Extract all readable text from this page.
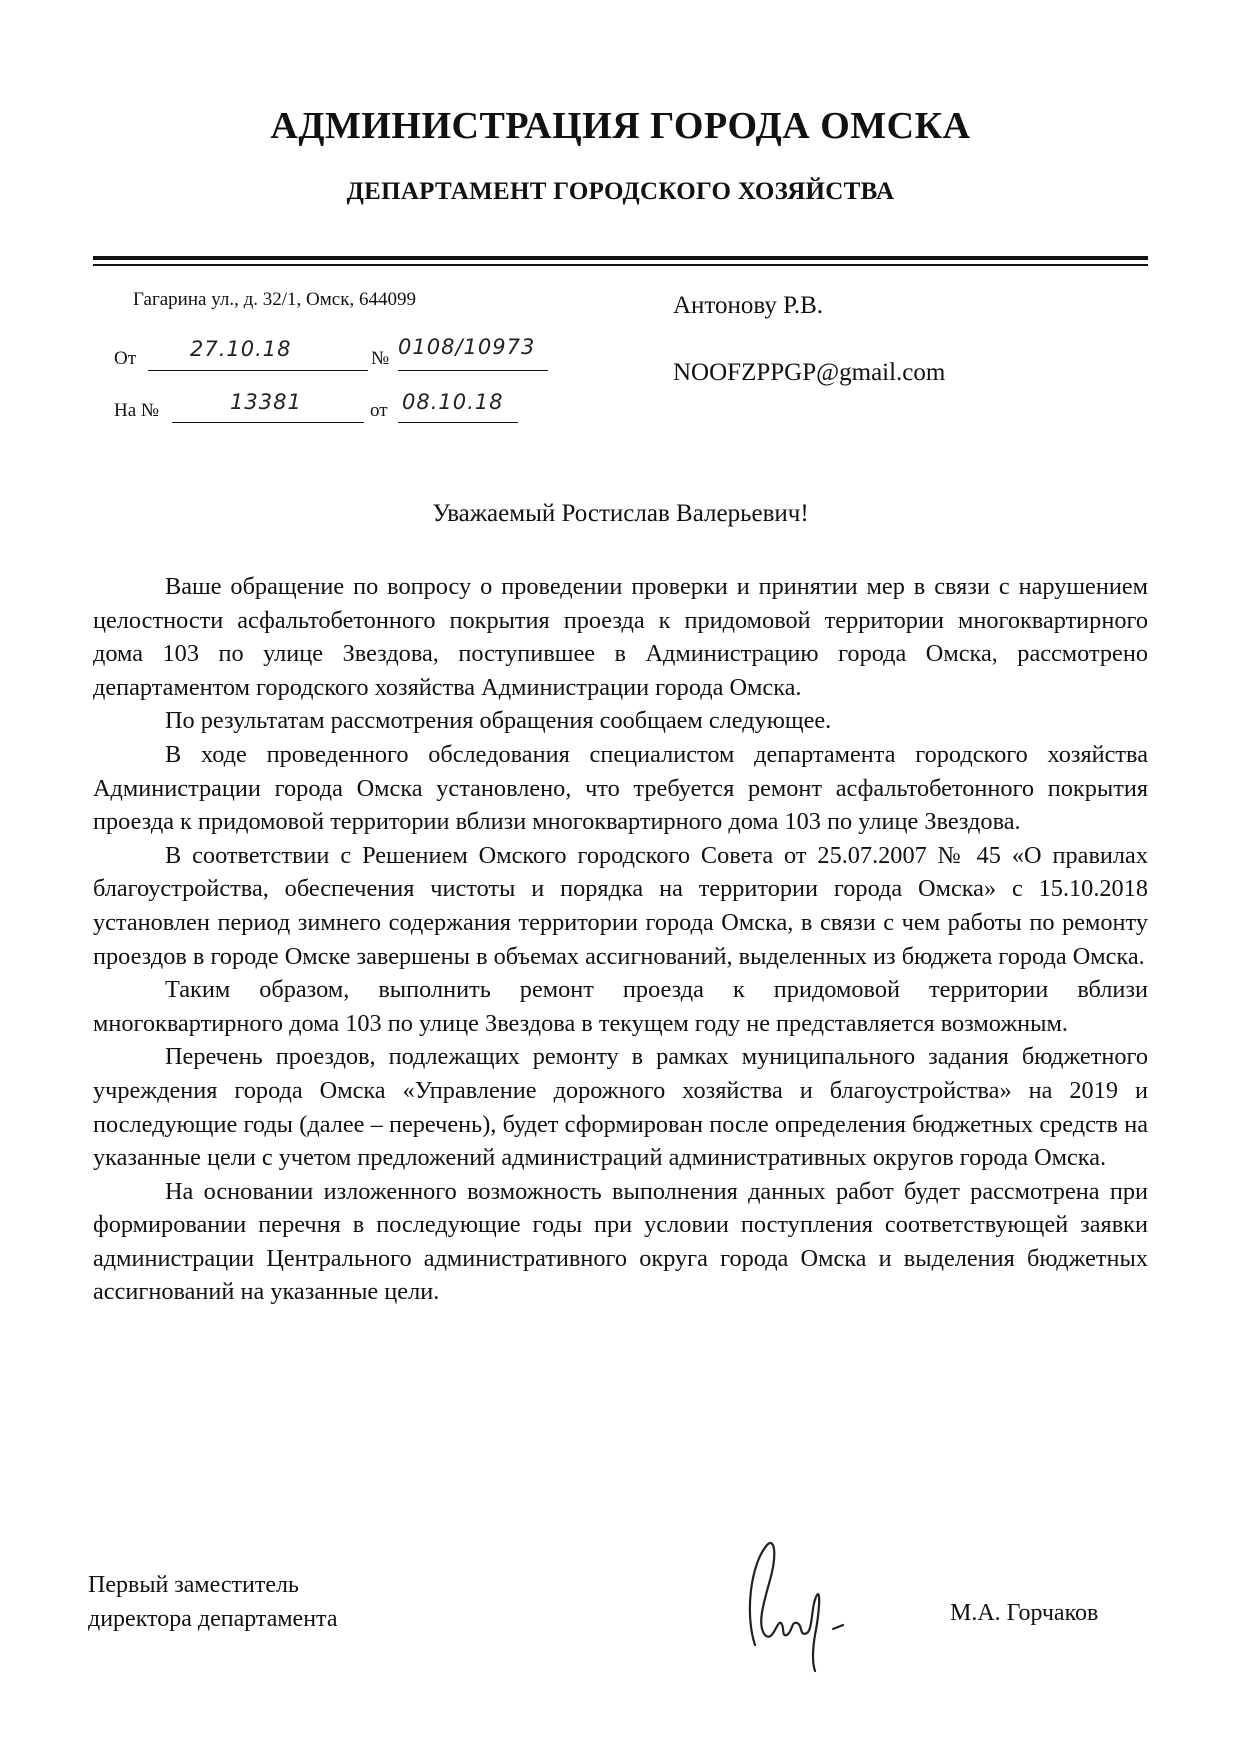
АДМИНИСТРАЦИЯ ГОРОДА ОМСКА
ДЕПАРТАМЕНТ ГОРОДСКОГО ХОЗЯЙСТВА
Гагарина ул., д. 32/1, Омск, 644099
От	27.10.18	№ 0108/10973
На №	13381	от 08.10.18
Антонову Р.В.
NOOFZPPGP@gmail.com
Уважаемый Ростислав Валерьевич!

Ваше обращение по вопросу о проведении проверки и принятии мер в связи с нарушением целостности асфальтобетонного покрытия проезда к придомовой территории многоквартирного дома 103 по улице Звездова, поступившее в Администрацию города Омска, рассмотрено департаментом городского хозяйства Администрации города Омска.

По результатам рассмотрения обращения сообщаем следующее.

В ходе проведенного обследования специалистом департамента городского хозяйства Администрации города Омска установлено, что требуется ремонт асфальтобетонного покрытия проезда к придомовой территории вблизи многоквартирного дома 103 по улице Звездова.

В соответствии с Решением Омского городского Совета от 25.07.2007 № 45 «О правилах благоустройства, обеспечения чистоты и порядка на территории города Омска» с 15.10.2018 установлен период зимнего содержания территории города Омска, в связи с чем работы по ремонту проездов в городе Омске завершены в объемах ассигнований, выделенных из бюджета города Омска.

Таким образом, выполнить ремонт проезда к придомовой территории вблизи многоквартирного дома 103 по улице Звездова в текущем году не представляется возможным.

Перечень проездов, подлежащих ремонту в рамках муниципального задания бюджетного учреждения города Омска «Управление дорожного хозяйства и благоустройства» на 2019 и последующие годы (далее – перечень), будет сформирован после определения бюджетных средств на указанные цели с учетом предложений администраций административных округов города Омска.

На основании изложенного возможность выполнения данных работ будет рассмотрена при формировании перечня в последующие годы при условии поступления соответствующей заявки администрации Центрального административного округа города Омска и выделения бюджетных ассигнований на указанные цели.

Первый заместитель
директора департамента	М.А. Горчаков
